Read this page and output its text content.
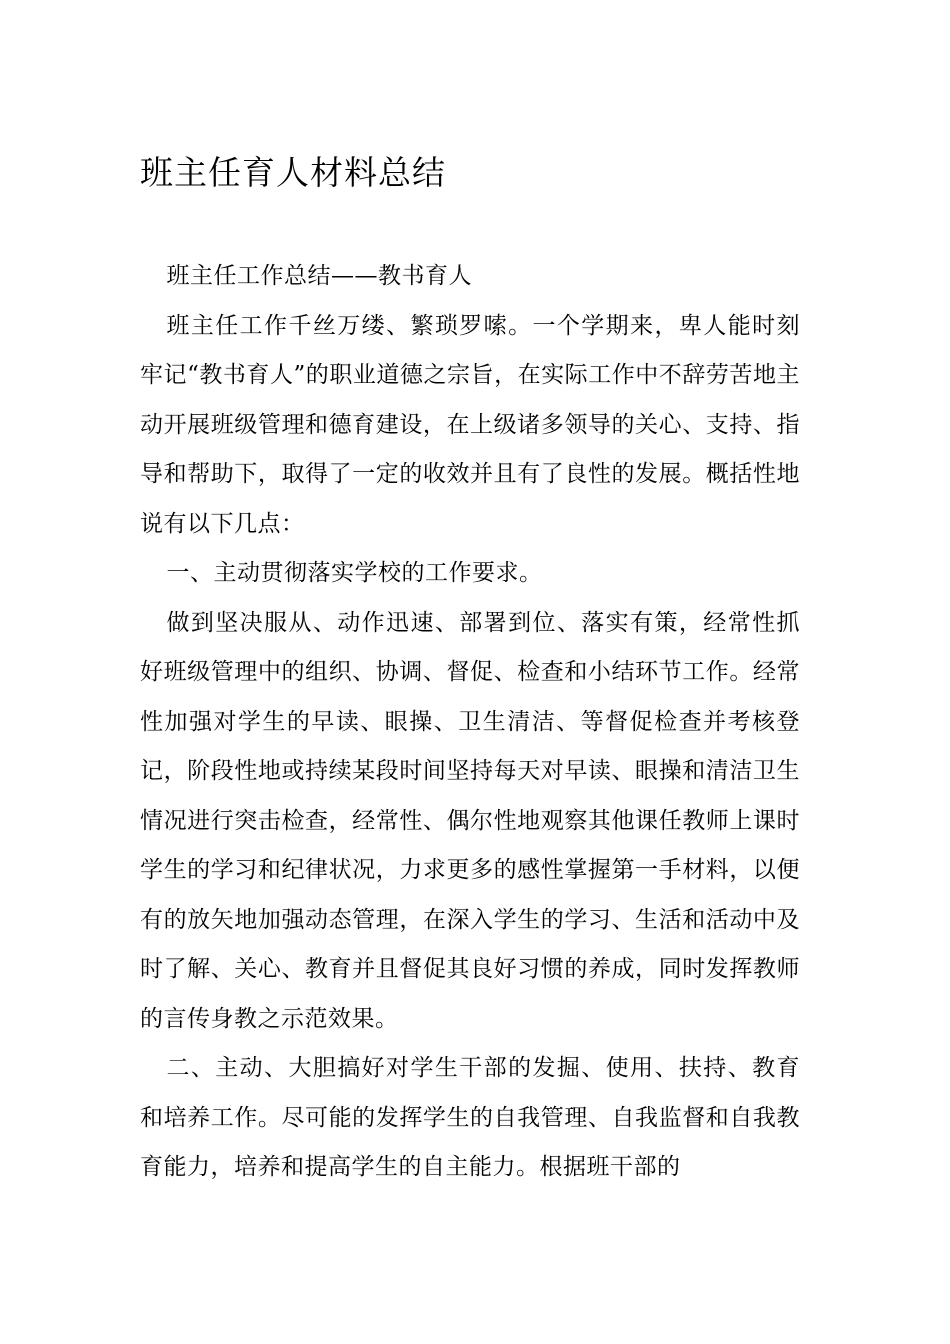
班主任育人材料总结

班主任工作总结——教书育人

班主任工作千丝万缕、繁琐罗嗦。一个学期来，卑人能时刻牢记“教书育人”的职业道德之宗旨，在实际工作中不辞劳苦地主动开展班级管理和德育建设，在上级诸多领导的关心、支持、指导和帮助下，取得了一定的收效并且有了良性的发展。概括性地说有以下几点：

一、主动贯彻落实学校的工作要求。

做到坚决服从、动作迅速、部署到位、落实有策，经常性抓好班级管理中的组织、协调、督促、检查和小结环节工作。经常性加强对学生的早读、眼操、卫生清洁、等督促检查并考核登记，阶段性地或持续某段时间坚持每天对早读、眼操和清洁卫生情况进行突击检查，经常性、偶尔性地观察其他课任教师上课时学生的学习和纪律状况，力求更多的感性掌握第一手材料，以便有的放矢地加强动态管理，在深入学生的学习、生活和活动中及时了解、关心、教育并且督促其良好习惯的养成，同时发挥教师的言传身教之示范效果。

二、主动、大胆搞好对学生干部的发掘、使用、扶持、教育和培养工作。尽可能的发挥学生的自我管理、自我监督和自我教育能力，培养和提高学生的自主能力。根据班干部的
